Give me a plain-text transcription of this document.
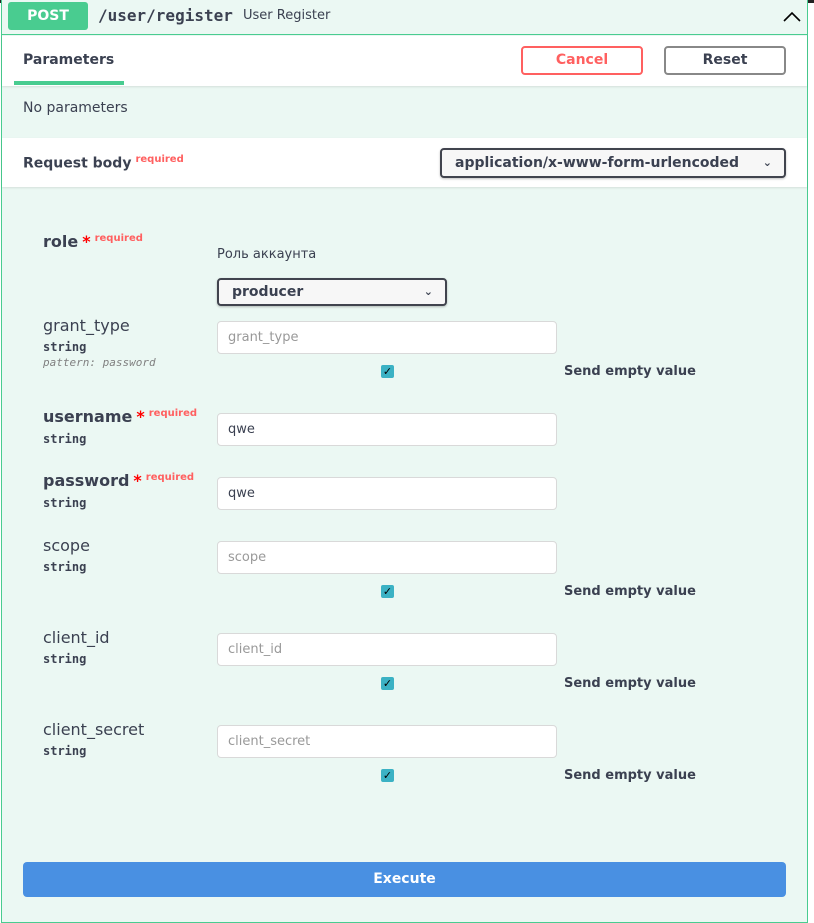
POST	/user/register User Register
Parameters	Cancel	Reset
No parameters
Request body $^{required}$	application/x-www-form-urlencoded ⌄
role * $^{required}$
Роль аккаунта
producer	⌄
grant_type
string
pattern: password
grant_type
✓	Send empty value
username * $^{required}$
string
qwe
password * $^{required}$
string
qwe
scope
string
scope
✓	Send empty value
client_id
string
client_id
✓	Send empty value
client_secret
string
client_secret
✓	Send empty value
Execute
